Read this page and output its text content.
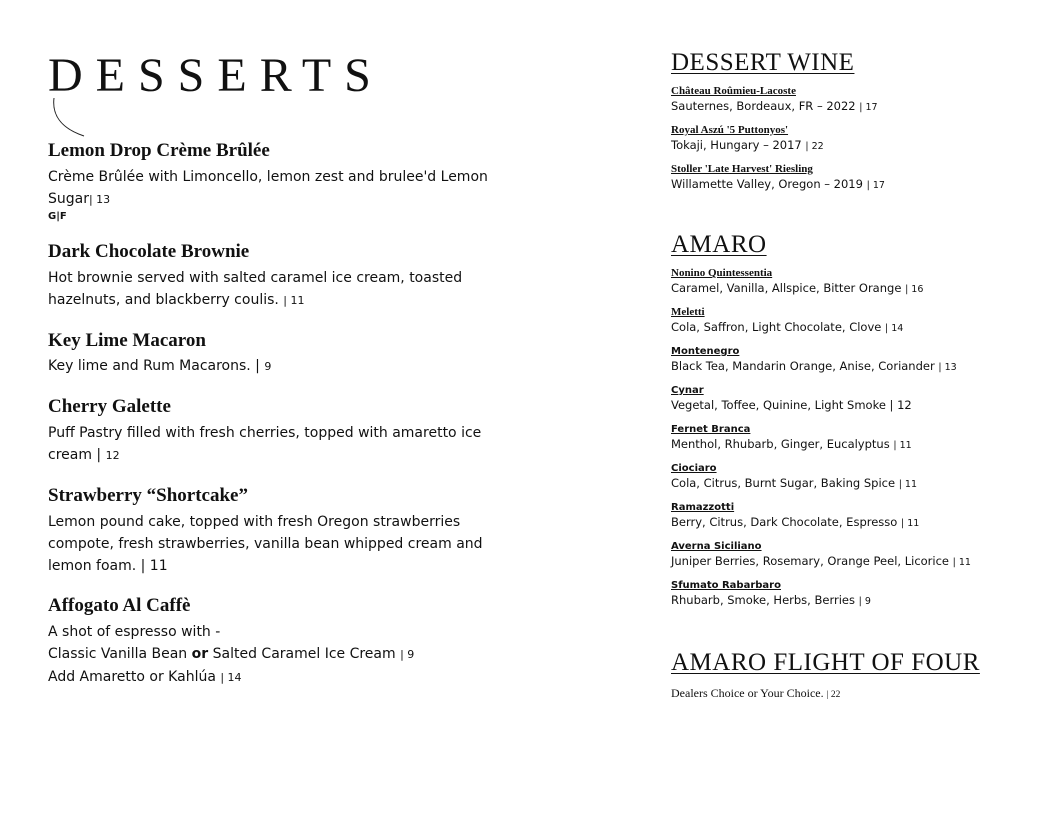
DESSERTS
Lemon Drop Crème Brûlée

Crème Brûlée with Limoncello, lemon zest and brulee'd Lemon Sugar| 13

G|F
Dark Chocolate Brownie

Hot brownie served with salted caramel ice cream, toasted hazelnuts, and blackberry coulis. | 11

Key Lime Macaron

Key lime and Rum Macarons. | 9

Cherry Galette

Puff Pastry filled with fresh cherries, topped with amaretto ice cream | 12

Strawberry “Shortcake”

Lemon pound cake, topped with fresh Oregon strawberries compote, fresh strawberries, vanilla bean whipped cream and lemon foam. | 11

Affogato Al Caffè

A shot of espresso with -
Classic Vanilla Bean or Salted Caramel Ice Cream | 9
Add Amaretto or Kahlúa | 14

DESSERT WINE
Château Roûmieu-Lacoste
Sauternes, Bordeaux, FR – 2022 | 17
Royal Aszú '5 Puttonyos'
Tokaji, Hungary – 2017 | 22
Stoller 'Late Harvest' Riesling
Willamette Valley, Oregon – 2019 | 17
AMARO
Nonino Quintessentia
Caramel, Vanilla, Allspice, Bitter Orange | 16
Meletti
Cola, Saffron, Light Chocolate, Clove | 14
Montenegro
Black Tea, Mandarin Orange, Anise, Coriander | 13
Cynar
Vegetal, Toffee, Quinine, Light Smoke | 12
Fernet Branca
Menthol, Rhubarb, Ginger, Eucalyptus | 11
Ciociaro
Cola, Citrus, Burnt Sugar, Baking Spice | 11
Ramazzotti
Berry, Citrus, Dark Chocolate, Espresso | 11
Averna Siciliano
Juniper Berries, Rosemary, Orange Peel, Licorice | 11
Sfumato Rabarbaro
Rhubarb, Smoke, Herbs, Berries | 9
AMARO FLIGHT OF FOUR
Dealers Choice or Your Choice. | 22
